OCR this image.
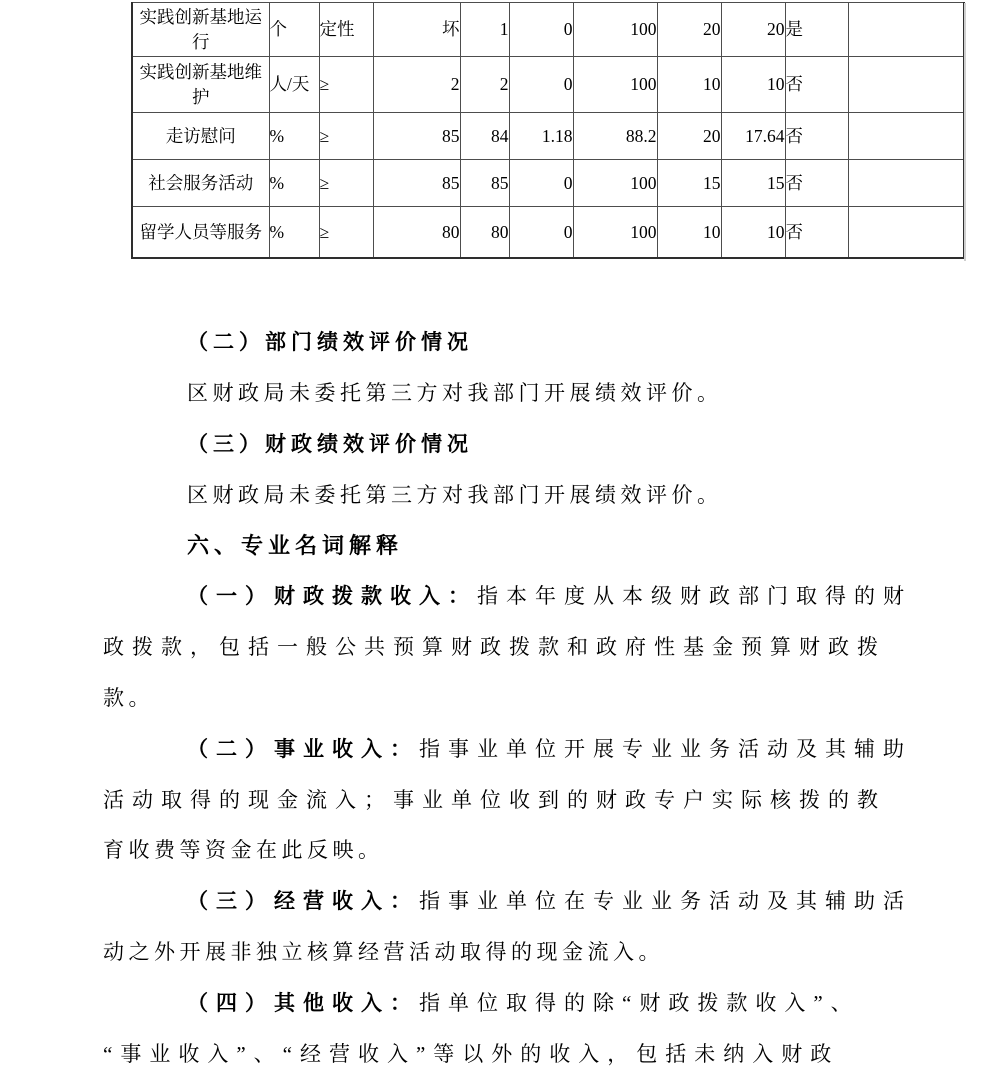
实践创新基地运行	个	定性	坏	1	0	100	20	20	是	
实践创新基地维护	人/天	≥	2	2	0	100	10	10	否	
走访慰问	%	≥	85	84	1.18	88.2	20	17.64	否	
社会服务活动	%	≥	85	85	0	100	15	15	否	
留学人员等服务	%	≥	80	80	0	100	10	10	否	
（二）部门绩效评价情况
区财政局未委托第三方对我部门开展绩效评价。
（三）财政绩效评价情况
区财政局未委托第三方对我部门开展绩效评价。
六、专业名词解释
（一）财政拨款收入： 指本年度从本级财政部门取得的财
政拨款，包括一般公共预算财政拨款和政府性基金预算财政拨
款。
（二）事业收入： 指事业单位开展专业业务活动及其辅助
活动取得的现金流入；事业单位收到的财政专户实际核拨的教
育收费等资金在此反映。
（三）经营收入： 指事业单位在专业业务活动及其辅助活
动之外开展非独立核算经营活动取得的现金流入。
（四）其他收入： 指单位取得的除“财政拨款收入”、
“事业收入”、“经营收入”等以外的收入，包括未纳入财政
